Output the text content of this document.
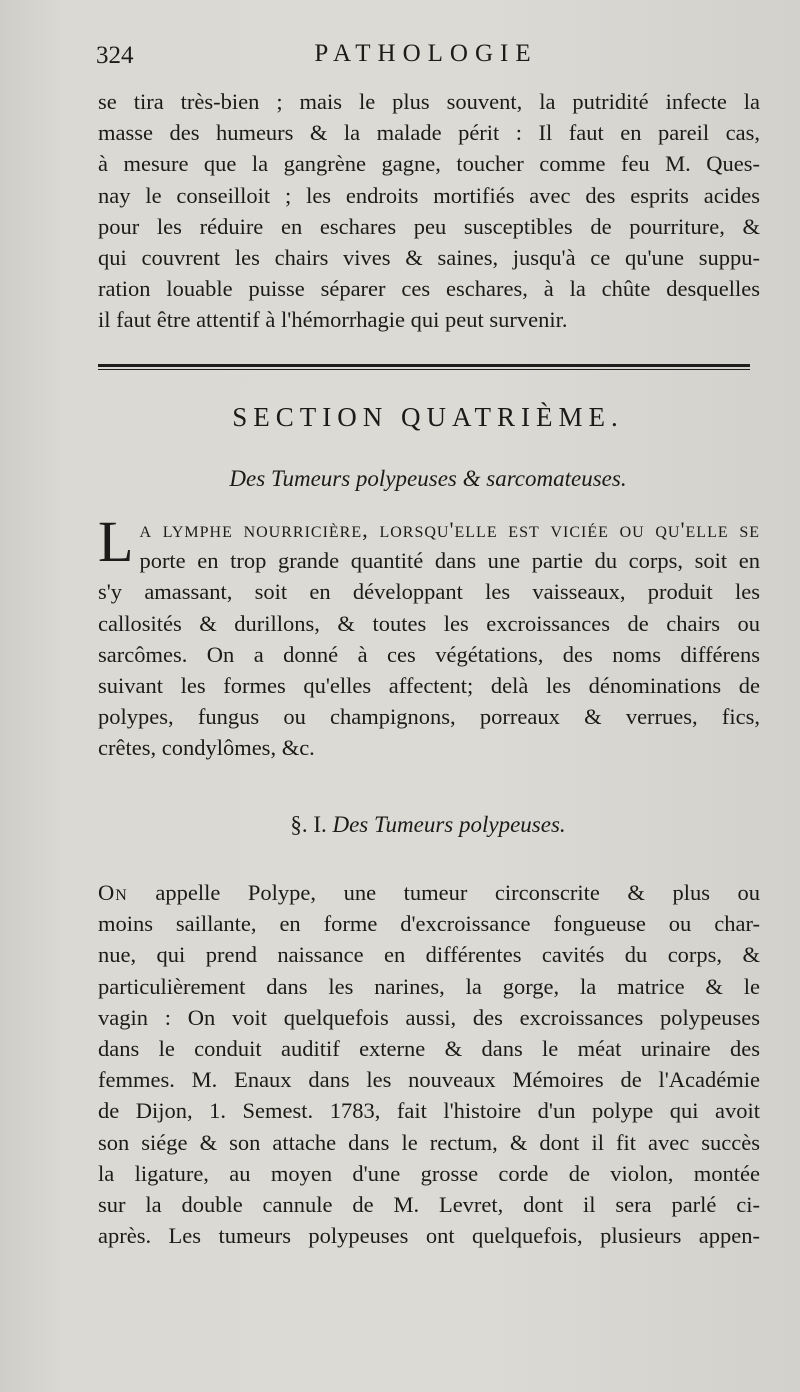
324	PATHOLOGIE
se tira très-bien ; mais le plus souvent, la putridité infecte la
masse des humeurs & la malade périt : Il faut en pareil cas,
à mesure que la gangrène gagne, toucher comme feu M. Ques-
nay le conseilloit ; les endroits mortifiés avec des esprits acides
pour les réduire en eschares peu susceptibles de pourriture, &
qui couvrent les chairs vives & saines, jusqu'à ce qu'une suppu-
ration louable puisse séparer ces eschares, à la chûte desquelles
il faut être attentif à l'hémorrhagie qui peut survenir.
SECTION QUATRIÈME.
Des Tumeurs polypeuses & sarcomateuses.
L a lymphe nourricière, lorsqu'elle est viciée ou qu'elle se
porte en trop grande quantité dans une partie du corps, soit en
s'y amassant, soit en développant les vaisseaux, produit les
callosités & durillons, & toutes les excroissances de chairs ou
sarcômes. On a donné à ces végétations, des noms différens
suivant les formes qu'elles affectent; delà les dénominations de
polypes, fungus ou champignons, porreaux & verrues, fics,
crêtes, condylômes, &c.
§. I. Des Tumeurs polypeuses.
On appelle Polype, une tumeur circonscrite & plus ou
moins saillante, en forme d'excroissance fongueuse ou char-
nue, qui prend naissance en différentes cavités du corps, &
particulièrement dans les narines, la gorge, la matrice & le
vagin : On voit quelquefois aussi, des excroissances polypeuses
dans le conduit auditif externe & dans le méat urinaire des
femmes. M. Enaux dans les nouveaux Mémoires de l'Académie
de Dijon, 1. Semest. 1783, fait l'histoire d'un polype qui avoit
son siége & son attache dans le rectum, & dont il fit avec succès
la ligature, au moyen d'une grosse corde de violon, montée
sur la double cannule de M. Levret, dont il sera parlé ci-
après. Les tumeurs polypeuses ont quelquefois, plusieurs appen-
